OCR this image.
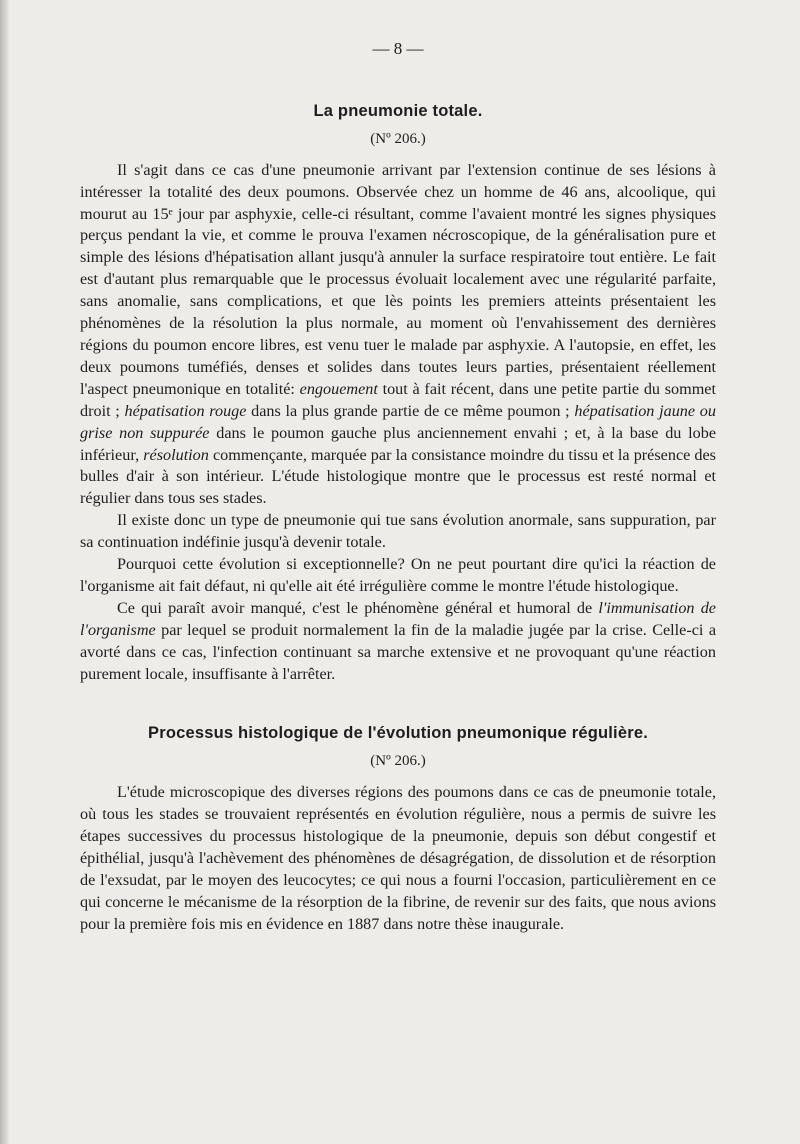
— 8 —
La pneumonie totale.
(Nº 206.)

Il s'agit dans ce cas d'une pneumonie arrivant par l'extension continue de ses lésions à intéresser la totalité des deux poumons. Observée chez un homme de 46 ans, alcoolique, qui mourut au 15ᵉ jour par asphyxie, celle-ci résultant, comme l'avaient montré les signes physiques perçus pendant la vie, et comme le prouva l'examen nécroscopique, de la généralisation pure et simple des lésions d'hépatisation allant jusqu'à annuler la surface respiratoire tout entière. Le fait est d'autant plus remarquable que le processus évoluait localement avec une régularité parfaite, sans anomalie, sans complications, et que lès points les premiers atteints présentaient les phénomènes de la résolution la plus normale, au moment où l'envahissement des dernières régions du poumon encore libres, est venu tuer le malade par asphyxie. A l'autopsie, en effet, les deux poumons tuméfiés, denses et solides dans toutes leurs parties, présentaient réellement l'aspect pneumonique en totalité: engouement tout à fait récent, dans une petite partie du sommet droit ; hépatisation rouge dans la plus grande partie de ce même poumon ; hépatisation jaune ou grise non suppurée dans le poumon gauche plus anciennement envahi ; et, à la base du lobe inférieur, résolution commençante, marquée par la consistance moindre du tissu et la présence des bulles d'air à son intérieur. L'étude histologique montre que le processus est resté normal et régulier dans tous ses stades.

Il existe donc un type de pneumonie qui tue sans évolution anormale, sans suppuration, par sa continuation indéfinie jusqu'à devenir totale.

Pourquoi cette évolution si exceptionnelle? On ne peut pourtant dire qu'ici la réaction de l'organisme ait fait défaut, ni qu'elle ait été irrégulière comme le montre l'étude histologique.

Ce qui paraît avoir manqué, c'est le phénomène général et humoral de l'immunisation de l'organisme par lequel se produit normalement la fin de la maladie jugée par la crise. Celle-ci a avorté dans ce cas, l'infection continuant sa marche extensive et ne provoquant qu'une réaction purement locale, insuffisante à l'arrêter.

Processus histologique de l'évolution pneumonique régulière.
(Nº 206.)

L'étude microscopique des diverses régions des poumons dans ce cas de pneumonie totale, où tous les stades se trouvaient représentés en évolution régulière, nous a permis de suivre les étapes successives du processus histologique de la pneumonie, depuis son début congestif et épithélial, jusqu'à l'achèvement des phénomènes de désagrégation, de dissolution et de résorption de l'exsudat, par le moyen des leucocytes; ce qui nous a fourni l'occasion, particulièrement en ce qui concerne le mécanisme de la résorption de la fibrine, de revenir sur des faits, que nous avions pour la première fois mis en évidence en 1887 dans notre thèse inaugurale.
